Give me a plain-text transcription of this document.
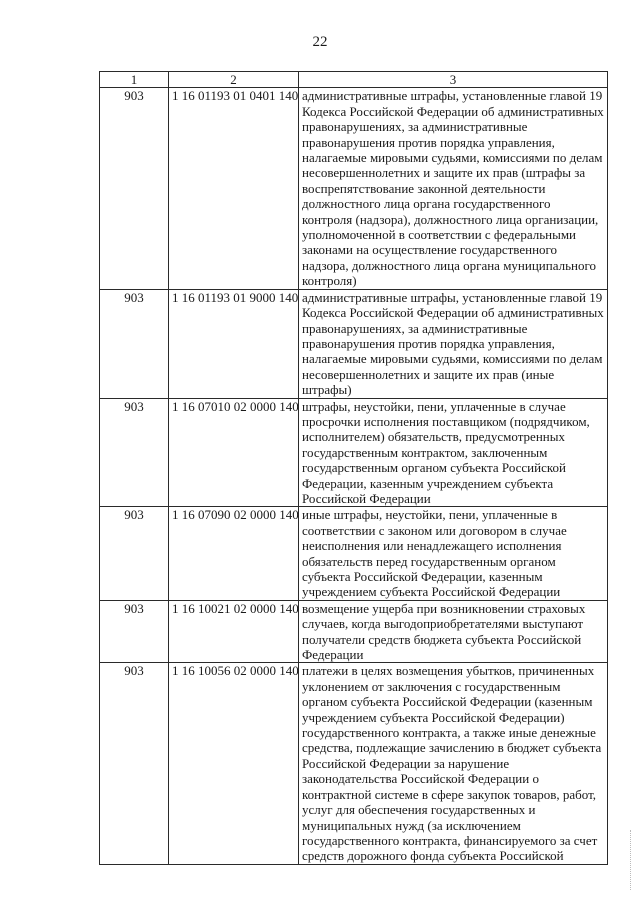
22
1	2	3
903	1 16 01193 01 0401 140	административные штрафы, установленные главой 19 Кодекса Российской Федерации об административных правонарушениях, за административные правонарушения против порядка управления, налагаемые мировыми судьями, комиссиями по делам несовершеннолетних и защите их прав (штрафы за воспрепятствование законной деятельности должностного лица органа государственного контроля (надзора), должностного лица организации, уполномоченной в соответствии с федеральными законами на осуществление государственного надзора, должностного лица органа муниципального контроля)
903	1 16 01193 01 9000 140	административные штрафы, установленные главой 19 Кодекса Российской Федерации об административных правонарушениях, за административные правонарушения против порядка управления, налагаемые мировыми судьями, комиссиями по делам несовершеннолетних и защите их прав (иные штрафы)
903	1 16 07010 02 0000 140	штрафы, неустойки, пени, уплаченные в случае просрочки исполнения поставщиком (подрядчиком, исполнителем) обязательств, предусмотренных государственным контрактом, заключенным государственным органом субъекта Российской Федерации, казенным учреждением субъекта Российской Федерации
903	1 16 07090 02 0000 140	иные штрафы, неустойки, пени, уплаченные в соответствии с законом или договором в случае неисполнения или ненадлежащего исполнения обязательств перед государственным органом субъекта Российской Федерации, казенным учреждением субъекта Российской Федерации
903	1 16 10021 02 0000 140	возмещение ущерба при возникновении страховых случаев, когда выгодоприобретателями выступают получатели средств бюджета субъекта Российской Федерации
903	1 16 10056 02 0000 140	платежи в целях возмещения убытков, причиненных уклонением от заключения с государственным органом субъекта Российской Федерации (казенным учреждением субъекта Российской Федерации) государственного контракта, а также иные денежные средства, подлежащие зачислению в бюджет субъекта Российской Федерации за нарушение законодательства Российской Федерации о контрактной системе в сфере закупок товаров, работ, услуг для обеспечения государственных и муниципальных нужд (за исключением государственного контракта, финансируемого за счет средств дорожного фонда субъекта Российской
